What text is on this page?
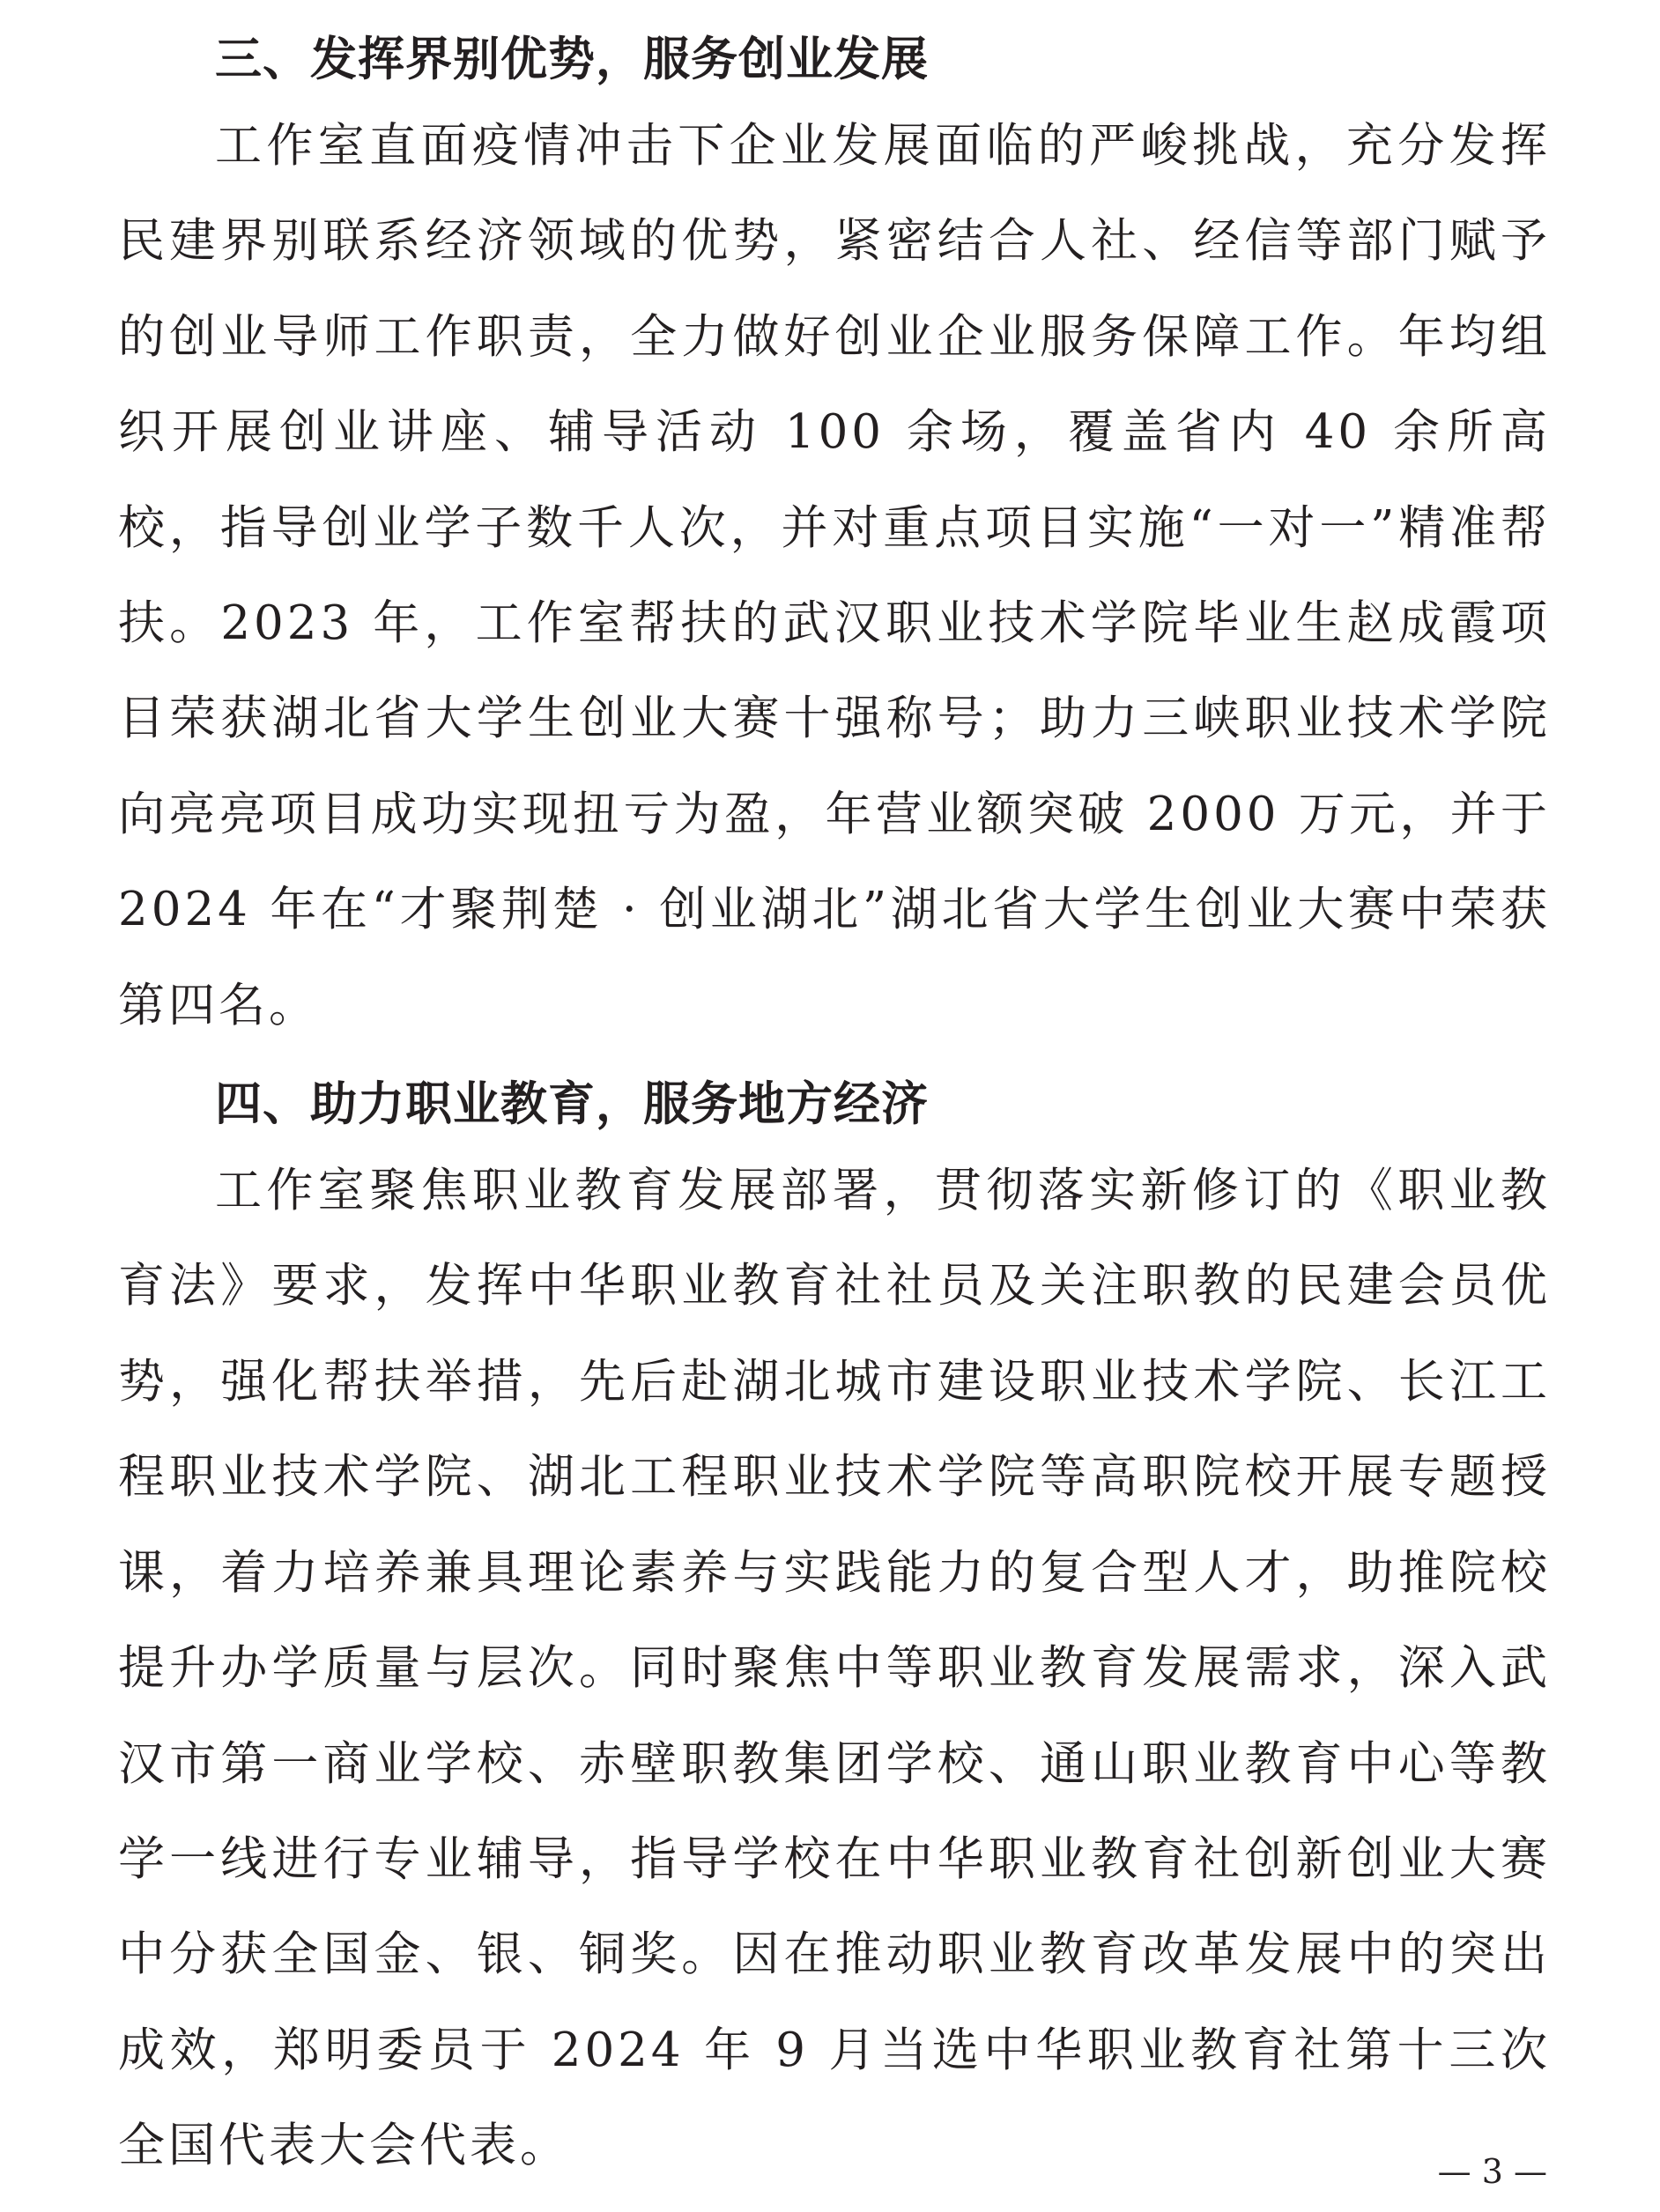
三、发挥界别优势，服务创业发展

工作室直面疫情冲击下企业发展面临的严峻挑战，充分发挥民建界别联系经济领域的优势，紧密结合人社、经信等部门赋予的创业导师工作职责，全力做好创业企业服务保障工作。年均组织开展创业讲座、辅导活动 100 余场，覆盖省内 40 余所高校，指导创业学子数千人次，并对重点项目实施“一对一”精准帮扶。2023 年，工作室帮扶的武汉职业技术学院毕业生赵成霞项目荣获湖北省大学生创业大赛十强称号；助力三峡职业技术学院向亮亮项目成功实现扭亏为盈，年营业额突破 2000 万元，并于 2024 年在“才聚荆楚 · 创业湖北”湖北省大学生创业大赛中荣获第四名。

四、助力职业教育，服务地方经济

工作室聚焦职业教育发展部署，贯彻落实新修订的《职业教育法》要求，发挥中华职业教育社社员及关注职教的民建会员优势，强化帮扶举措，先后赴湖北城市建设职业技术学院、长江工程职业技术学院、湖北工程职业技术学院等高职院校开展专题授课，着力培养兼具理论素养与实践能力的复合型人才，助推院校提升办学质量与层次。同时聚焦中等职业教育发展需求，深入武汉市第一商业学校、赤壁职教集团学校、通山职业教育中心等教学一线进行专业辅导，指导学校在中华职业教育社创新创业大赛中分获全国金、银、铜奖。因在推动职业教育改革发展中的突出成效，郑明委员于 2024 年 9 月当选中华职业教育社第十三次全国代表大会代表。	— 3 —
